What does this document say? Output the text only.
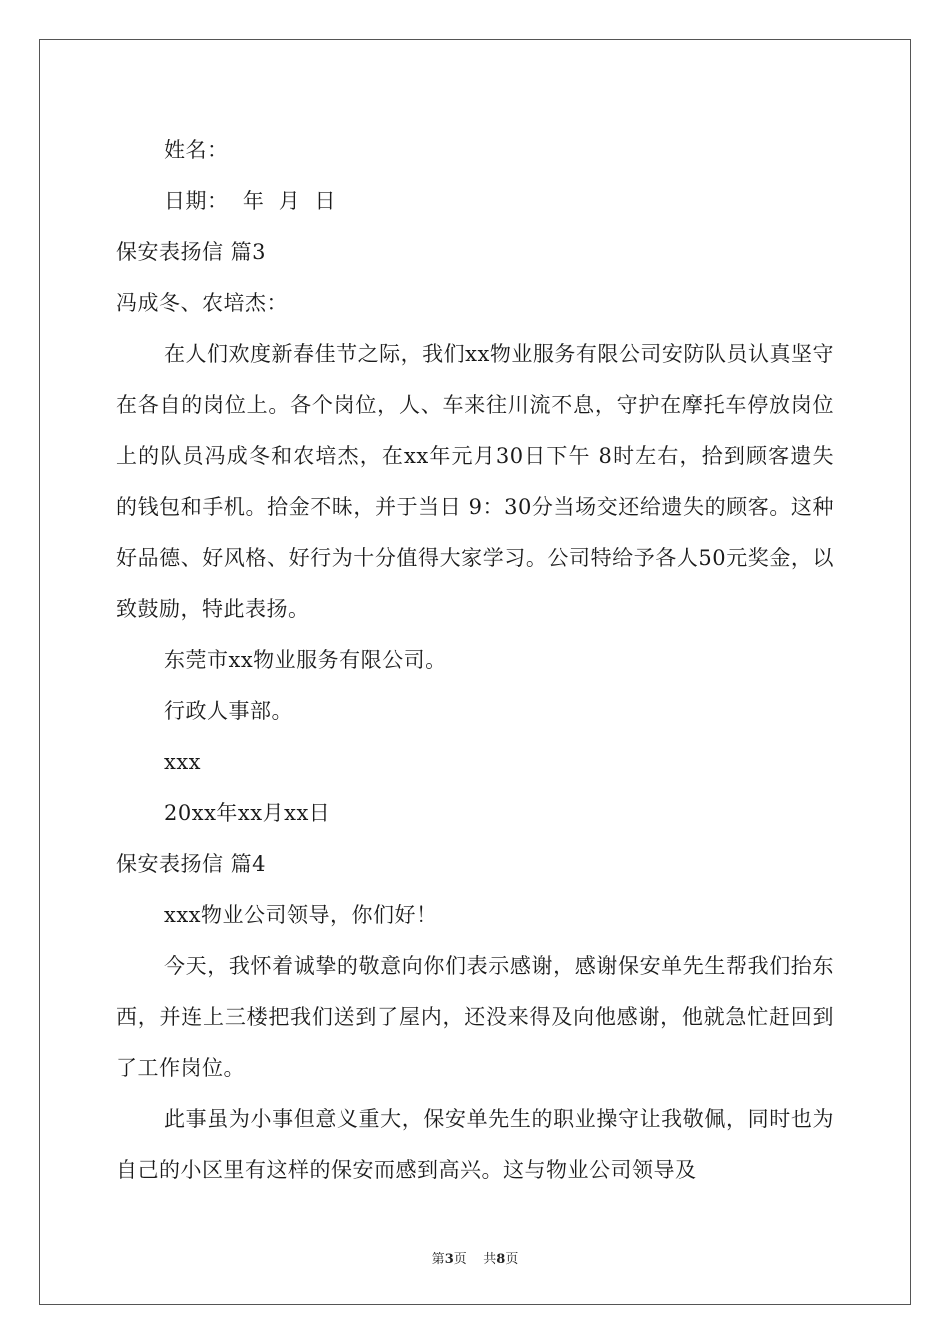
姓名：
日期：  年  月  日
保安表扬信 篇3
冯成冬、农培杰：
在人们欢度新春佳节之际，我们xx物业服务有限公司安防队员认真坚守在各自的岗位上。各个岗位，人、车来往川流不息，守护在摩托车停放岗位上的队员冯成冬和农培杰，在xx年元月30日下午 8时左右，拾到顾客遗失的钱包和手机。拾金不昧，并于当日 9：30分当场交还给遗失的顾客。这种好品德、好风格、好行为十分值得大家学习。公司特给予各人50元奖金，以致鼓励，特此表扬。
东莞市xx物业服务有限公司。
行政人事部。
xxx
20xx年xx月xx日
保安表扬信 篇4
xxx物业公司领导，你们好！
今天，我怀着诚挚的敬意向你们表示感谢，感谢保安单先生帮我们抬东西，并连上三楼把我们送到了屋内，还没来得及向他感谢，他就急忙赶回到了工作岗位。
此事虽为小事但意义重大，保安单先生的职业操守让我敬佩，同时也为自己的小区里有这样的保安而感到高兴。这与物业公司领导及
第3页    共8页
